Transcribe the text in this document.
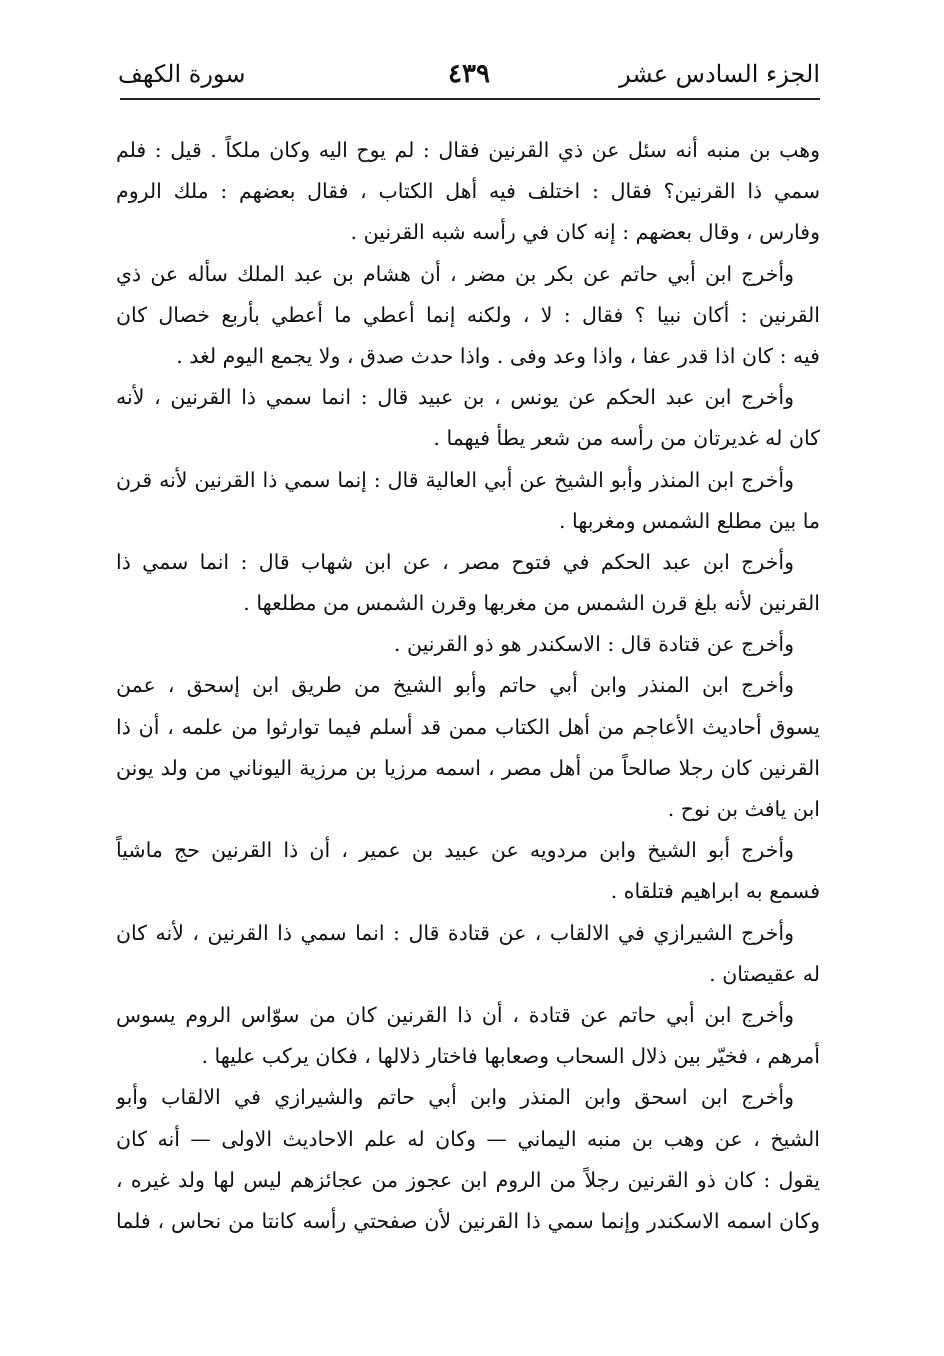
الجزء السادس عشر
٤٣٩
سورة الكهف
وهب بن منبه أنه سئل عن ذي القرنين فقال : لم يوح اليه وكان ملكاً . قيل : فلم
سمي ذا القرنين؟ فقال : اختلف فيه أهل الكتاب ، فقال بعضهم : ملك الروم
وفارس ، وقال بعضهم : إنه كان في رأسه شبه القرنين .
وأخرج ابن أبي حاتم عن بكر بن مضر ، أن هشام بن عبد الملك سأله عن ذي
القرنين : أكان نبيا ؟ فقال : لا ، ولكنه إنما أعطي ما أعطي بأربع خصال كان
فيه : كان اذا قدر عفا ، واذا وعد وفى . واذا حدث صدق ، ولا يجمع اليوم لغد .
وأخرج ابن عبد الحكم عن يونس ، بن عبيد قال : انما سمي ذا القرنين ، لأنه
كان له غديرتان من رأسه من شعر يطأ فيهما .
وأخرج ابن المنذر وأبو الشيخ عن أبي العالية قال : إنما سمي ذا القرنين لأنه قرن
ما بين مطلع الشمس ومغربها .
وأخرج ابن عبد الحكم في فتوح مصر ، عن ابن شهاب قال : انما سمي ذا
القرنين لأنه بلغ قرن الشمس من مغربها وقرن الشمس من مطلعها .
وأخرج عن قتادة قال : الاسكندر هو ذو القرنين .
وأخرج ابن المنذر وابن أبي حاتم وأبو الشيخ من طريق ابن إسحق ، عمن
يسوق أحاديث الأعاجم من أهل الكتاب ممن قد أسلم فيما توارثوا من علمه ، أن ذا
القرنين كان رجلا صالحاً من أهل مصر ، اسمه مرزيا بن مرزية اليوناني من ولد يونن
ابن يافث بن نوح .
وأخرج أبو الشيخ وابن مردويه عن عبيد بن عمير ، أن ذا القرنين حج ماشياً
فسمع به ابراهيم فتلقاه .
وأخرج الشيرازي في الالقاب ، عن قتادة قال : انما سمي ذا القرنين ، لأنه كان
له عقيصتان .
وأخرج ابن أبي حاتم عن قتادة ، أن ذا القرنين كان من سوّاس الروم يسوس
أمرهم ، فخيّر بين ذلال السحاب وصعابها فاختار ذلالها ، فكان يركب عليها .
وأخرج ابن اسحق وابن المنذر وابن أبي حاتم والشيرازي في الالقاب وأبو
الشيخ ، عن وهب بن منبه اليماني — وكان له علم الاحاديث الاولى — أنه كان
يقول : كان ذو القرنين رجلاً من الروم ابن عجوز من عجائزهم ليس لها ولد غيره ،
وكان اسمه الاسكندر وإنما سمي ذا القرنين لأن صفحتي رأسه كانتا من نحاس ، فلما
